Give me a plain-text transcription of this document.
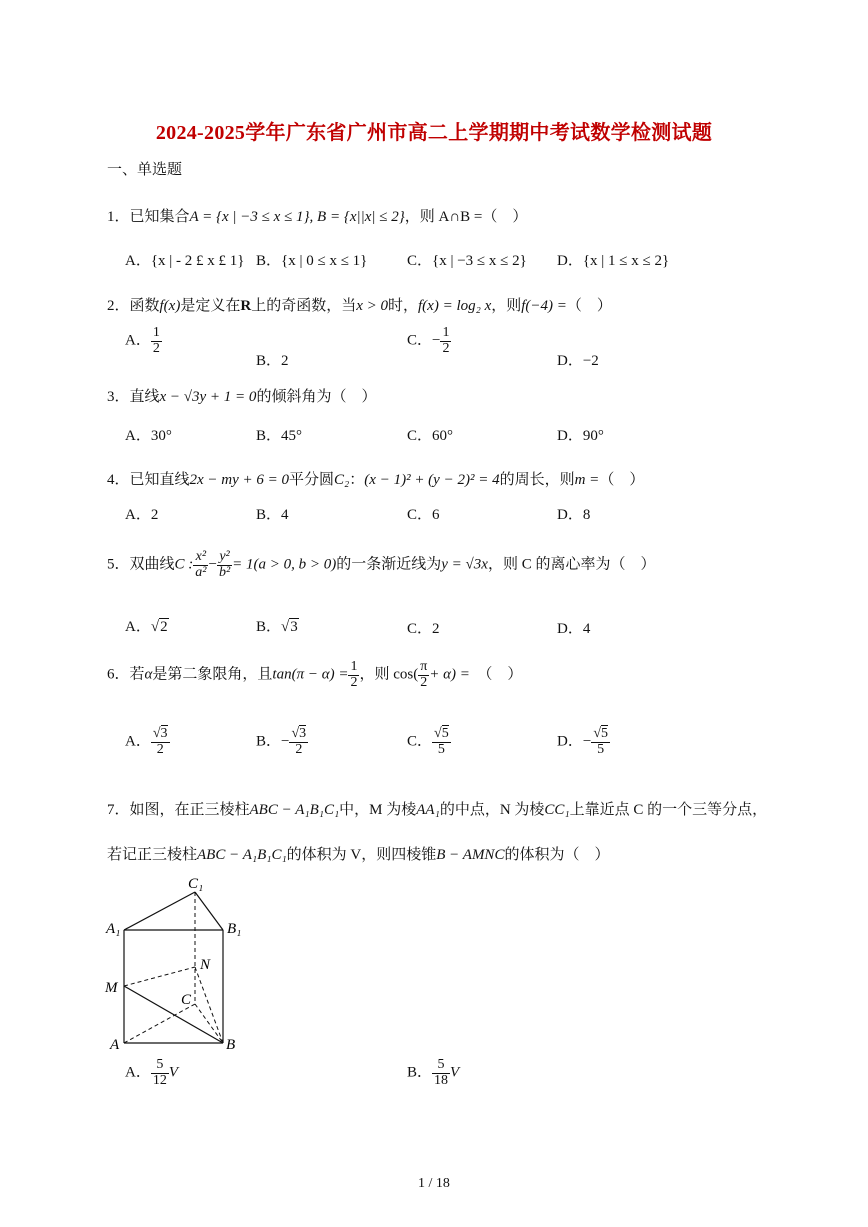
2024-2025学年广东省广州市高二上学期期中考试数学检测试题
一、单选题
1．已知集合A = {x | −3 ≤ x ≤ 1}, B = {x||x| ≤ 2}，则 A∩B =（　）
A．{x | - 2 £ x £ 1} B．{x | 0 ≤ x ≤ 1}	C．{x | −3 ≤ x ≤ 2} D．{x | 1 ≤ x ≤ 2}
2．函数f(x)是定义在R上的奇函数，当x > 0时，f(x) = log₂ x，则f(−4) =（　）
A． $\frac{1}{2}$
B．2
C．− $\frac{1}{2}$
D．−2
3．直线x − √3y + 1 = 0的倾斜角为（　）
A．30°	B．45°	C．60°	D．90°
4．已知直线2x − my + 6 = 0平分圆C₂：(x − 1)² + (y − 2)² = 4的周长，则m =（　）
A．2	B．4	C．6	D．8
5．双曲线C : $\frac{\text{x²}}{\text{a²}} - \frac{\text{y²}}{\text{b²}} = 1(a > 0$, b > 0)的一条渐近线为y = √3x，则 C 的离心率为（　）
A．√2	B．√3	C．2	D．4
6．若α是第二象限角，且$\tan(\pi - \alpha) = \frac{1}{2}$ ，则 $\cos( \frac{\pi}{2} + \alpha)$ = （　）
A． $\frac{√3}{2}$	B．− $\frac{√3}{2}$	C． $\frac{√5}{5}$	D．− $\frac{√5}{5}$
7．如图，在正三棱柱ABC − A₁B₁C₁中，M 为棱AA₁的中点，N 为棱CC₁上靠近点 C 的一个三等分点，
若记正三棱柱ABC − A₁B₁C₁的体积为 V，则四棱锥B − AMNC的体积为（　）
C₁
A₁	B₁
N
M
C
A	B
A． $\frac{5}{12}$ V	B． $\frac{5}{18}$ V
1 / 18
